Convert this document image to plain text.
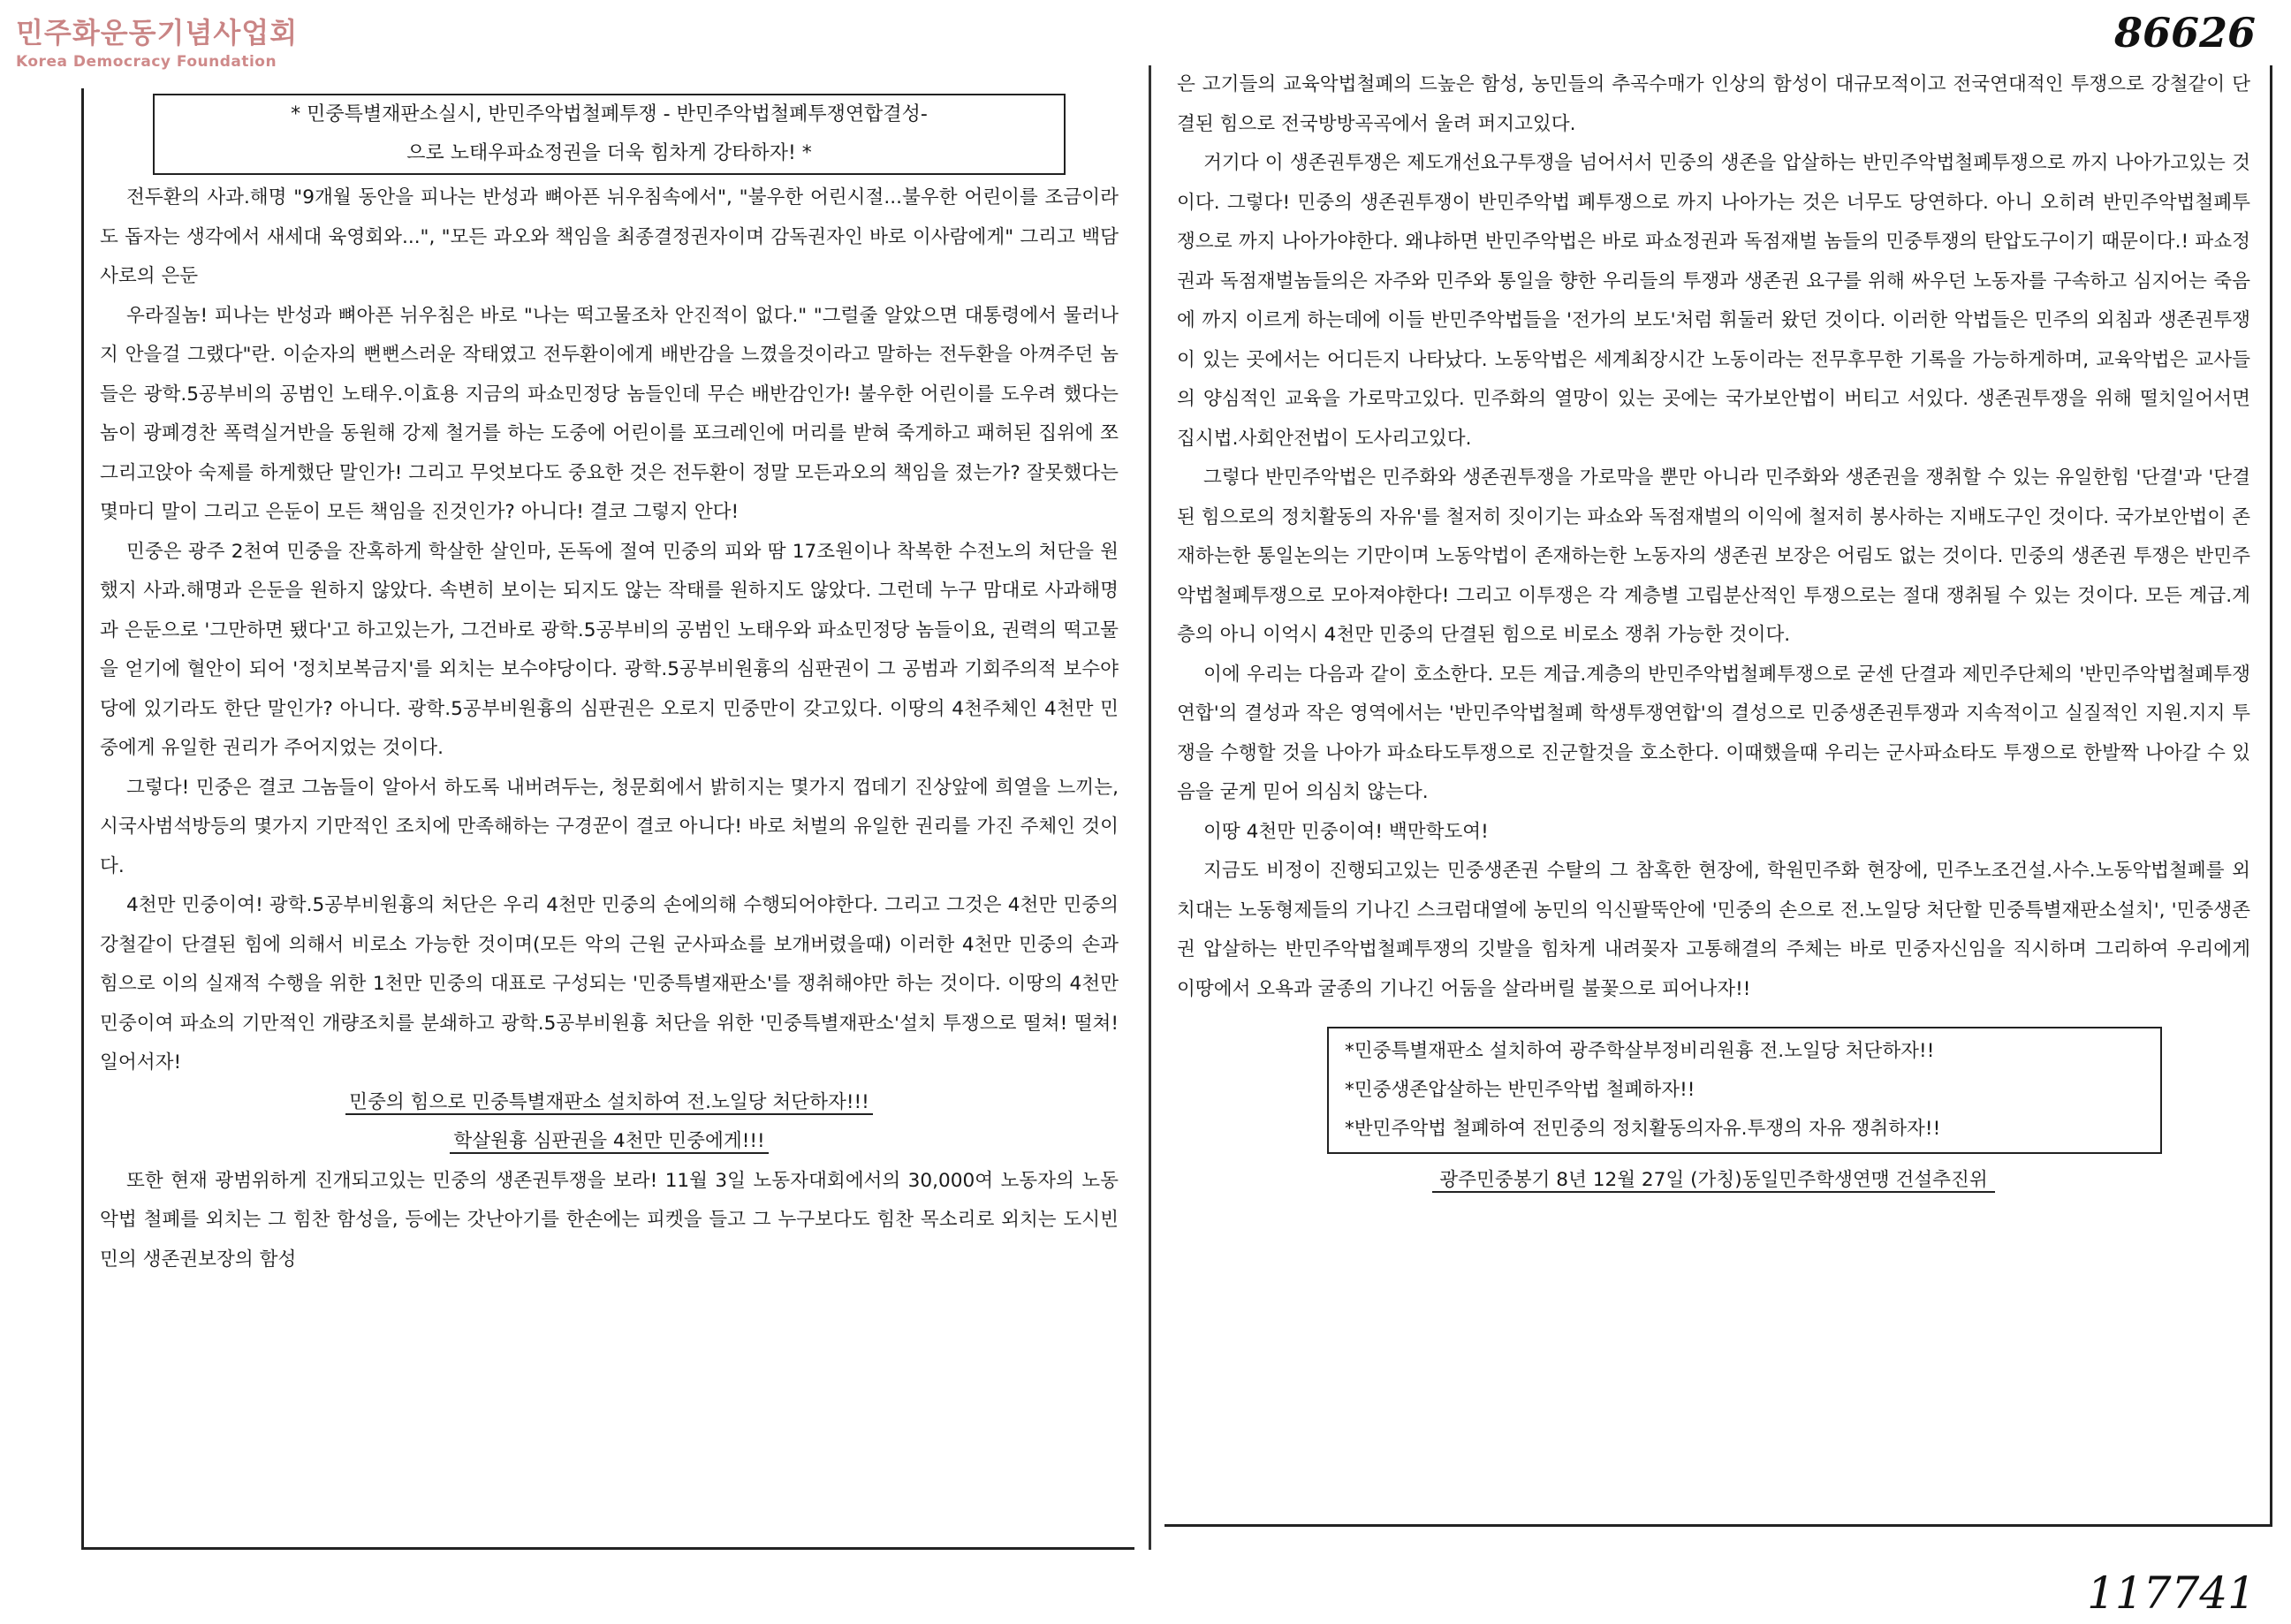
민주화운동기념사업회
Korea Democracy Foundation
86626
* 민중특별재판소실시, 반민주악법철폐투쟁 - 반민주악법철폐투쟁연합결성-
으로 노태우파쇼정권을 더욱 힘차게 강타하자! *

전두환의 사과.해명 "9개월 동안을 피나는 반성과 뼈아픈 뉘우침속에서", "불우한 어린시절...불우한 어린이를 조금이라도 돕자는 생각에서 새세대 육영회와...", "모든 과오와 책임을 최종결정권자이며 감독권자인 바로 이사람에게" 그리고 백담사로의 은둔

우라질놈! 피나는 반성과 뼈아픈 뉘우침은 바로 "나는 떡고물조차 안진적이 없다." "그럴줄 알았으면 대통령에서 물러나지 안을걸 그랬다"란. 이순자의 뻔뻔스러운 작태였고 전두환이에게 배반감을 느꼈을것이라고 말하는 전두환을 아껴주던 놈들은 광학.5공부비의 공범인 노태우.이효용 지금의 파쇼민정당 놈들인데 무슨 배반감인가! 불우한 어린이를 도우려 했다는 놈이 광폐경찬 폭력실거반을 동원해 강제 철거를 하는 도중에 어린이를 포크레인에 머리를 받혀 죽게하고 패허된 집위에 쪼그리고앉아 숙제를 하게했단 말인가! 그리고 무엇보다도 중요한 것은 전두환이 정말 모든과오의 책임을 졌는가? 잘못했다는 몇마디 말이 그리고 은둔이 모든 책임을 진것인가? 아니다! 결코 그렇지 안다!

민중은 광주 2천여 민중을 잔혹하게 학살한 살인마, 돈독에 절여 민중의 피와 땀 17조원이나 착복한 수전노의 처단을 원했지 사과.해명과 은둔을 원하지 않았다. 속변히 보이는 되지도 않는 작태를 원하지도 않았다. 그런데 누구 맘대로 사과해명과 은둔으로 '그만하면 됐다'고 하고있는가, 그건바로 광학.5공부비의 공범인 노태우와 파쇼민정당 놈들이요, 권력의 떡고물을 얻기에 혈안이 되어 '정치보복금지'를 외치는 보수야당이다. 광학.5공부비원흉의 심판권이 그 공범과 기회주의적 보수야당에 있기라도 한단 말인가? 아니다. 광학.5공부비원흉의 심판권은 오로지 민중만이 갖고있다. 이땅의 4천주체인 4천만 민중에게 유일한 권리가 주어지었는 것이다.

그렇다! 민중은 결코 그놈들이 알아서 하도록 내버려두는, 청문회에서 밝히지는 몇가지 껍데기 진상앞에 희열을 느끼는, 시국사범석방등의 몇가지 기만적인 조치에 만족해하는 구경꾼이 결코 아니다! 바로 처벌의 유일한 권리를 가진 주체인 것이다.

4천만 민중이여! 광학.5공부비원흉의 처단은 우리 4천만 민중의 손에의해 수행되어야한다. 그리고 그것은 4천만 민중의 강철같이 단결된 힘에 의해서 비로소 가능한 것이며(모든 악의 근원 군사파쇼를 보개버렸을때) 이러한 4천만 민중의 손과 힘으로 이의 실재적 수행을 위한 1천만 민중의 대표로 구성되는 '민중특별재판소'를 쟁취해야만 하는 것이다. 이땅의 4천만 민중이여 파쇼의 기만적인 개량조치를 분쇄하고 광학.5공부비원흉 처단을 위한 '민중특별재판소'설치 투쟁으로 떨쳐! 떨쳐! 일어서자!

민중의 힘으로 민중특별재판소 설치하여 전.노일당 처단하자!!!

학살원흉 심판권을 4천만 민중에게!!!

또한 현재 광범위하게 진개되고있는 민중의 생존권투쟁을 보라! 11월 3일 노동자대회에서의 30,000여 노동자의 노동악법 철폐를 외치는 그 힘찬 함성을, 등에는 갓난아기를 한손에는 피켓을 들고 그 누구보다도 힘찬 목소리로 외치는 도시빈민의 생존권보장의 함성

은 고기들의 교육악법철폐의 드높은 함성, 농민들의 추곡수매가 인상의 함성이 대규모적이고 전국연대적인 투쟁으로 강철같이 단결된 힘으로 전국방방곡곡에서 울려 퍼지고있다.

거기다 이 생존권투쟁은 제도개선요구투쟁을 넘어서서 민중의 생존을 압살하는 반민주악법철폐투쟁으로 까지 나아가고있는 것이다. 그렇다! 민중의 생존권투쟁이 반민주악법 폐투쟁으로 까지 나아가는 것은 너무도 당연하다. 아니 오히려 반민주악법철폐투쟁으로 까지 나아가야한다. 왜냐하면 반민주악법은 바로 파쇼정권과 독점재벌 놈들의 민중투쟁의 탄압도구이기 때문이다.! 파쇼정권과 독점재벌놈들의은 자주와 민주와 통일을 향한 우리들의 투쟁과 생존권 요구를 위해 싸우던 노동자를 구속하고 심지어는 죽음에 까지 이르게 하는데에 이들 반민주악법들을 '전가의 보도'처럼 휘둘러 왔던 것이다. 이러한 악법들은 민주의 외침과 생존권투쟁이 있는 곳에서는 어디든지 나타났다. 노동악법은 세계최장시간 노동이라는 전무후무한 기록을 가능하게하며, 교육악법은 교사들의 양심적인 교육을 가로막고있다. 민주화의 열망이 있는 곳에는 국가보안법이 버티고 서있다. 생존권투쟁을 위해 떨치일어서면 집시법.사회안전법이 도사리고있다.

그렇다 반민주악법은 민주화와 생존권투쟁을 가로막을 뿐만 아니라 민주화와 생존권을 쟁취할 수 있는 유일한힘 '단결'과 '단결된 힘으로의 정치활동의 자유'를 철저히 짓이기는 파쇼와 독점재벌의 이익에 철저히 봉사하는 지배도구인 것이다. 국가보안법이 존재하는한 통일논의는 기만이며 노동악법이 존재하는한 노동자의 생존권 보장은 어림도 없는 것이다. 민중의 생존권 투쟁은 반민주악법철폐투쟁으로 모아져야한다! 그리고 이투쟁은 각 계층별 고립분산적인 투쟁으로는 절대 쟁취될 수 있는 것이다. 모든 계급.계층의 아니 이억시 4천만 민중의 단결된 힘으로 비로소 쟁취 가능한 것이다.

이에 우리는 다음과 같이 호소한다. 모든 계급.계층의 반민주악법철폐투쟁으로 굳센 단결과 제민주단체의 '반민주악법철폐투쟁연합'의 결성과 작은 영역에서는 '반민주악법철폐 학생투쟁연합'의 결성으로 민중생존권투쟁과 지속적이고 실질적인 지원.지지 투쟁을 수행할 것을 나아가 파쇼타도투쟁으로 진군할것을 호소한다. 이때했을때 우리는 군사파쇼타도 투쟁으로 한발짝 나아갈 수 있음을 굳게 믿어 의심치 않는다.

이땅 4천만 민중이여! 백만학도여!

지금도 비정이 진행되고있는 민중생존권 수탈의 그 참혹한 현장에, 학원민주화 현장에, 민주노조건설.사수.노동악법철폐를 외치대는 노동형제들의 기나긴 스크럼대열에 농민의 익신팔뚝안에 '민중의 손으로 전.노일당 처단할 민중특별재판소설치', '민중생존권 압살하는 반민주악법철폐투쟁의 깃발을 힘차게 내려꽂자 고통해결의 주체는 바로 민중자신임을 직시하며 그리하여 우리에게 이땅에서 오욕과 굴종의 기나긴 어둠을 살라버릴 불꽃으로 피어나자!!

*민중특별재판소 설치하여 광주학살부정비리원흉 전.노일당 처단하자!!
*민중생존압살하는 반민주악법 철폐하자!!
*반민주악법 철폐하여 전민중의 정치활동의자유.투쟁의 자유 쟁취하자!!

광주민중봉기 8년 12월 27일 (가칭)동일민주학생연맹 건설추진위

117741
